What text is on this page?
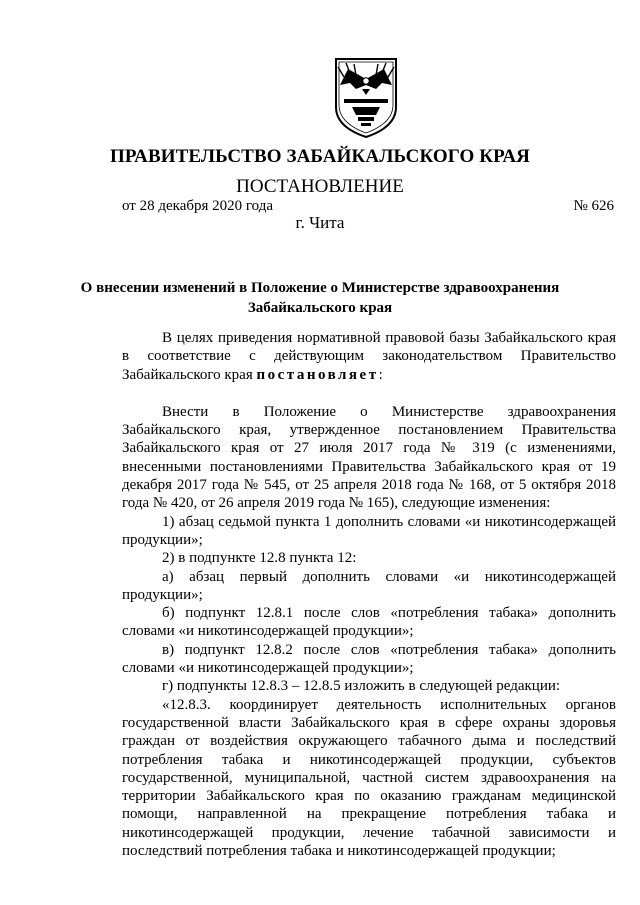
ПРАВИТЕЛЬСТВО ЗАБАЙКАЛЬСКОГО КРАЯ
ПОСТАНОВЛЕНИЕ
от 28 декабря 2020 года	№ 626
г. Чита
О внесении изменений в Положение о Министерстве здравоохранения
Забайкальского края

В целях приведения нормативной правовой базы Забайкальского края в соответствие с действующим законодательством Правительство Забайкальского края постановляет:

Внести в Положение о Министерстве здравоохранения Забайкальского края, утвержденное постановлением Правительства Забайкальского края от 27 июля 2017 года № 319 (с изменениями, внесенными постановлениями Правительства Забайкальского края от 19 декабря 2017 года № 545, от 25 апреля 2018 года № 168, от 5 октября 2018 года № 420, от 26 апреля 2019 года № 165), следующие изменения:

1) абзац седьмой пункта 1 дополнить словами «и никотинсодержащей продукции»;

2) в подпункте 12.8 пункта 12:

а) абзац первый дополнить словами «и никотинсодержащей продукции»;

б) подпункт 12.8.1 после слов «потребления табака» дополнить словами «и никотинсодержащей продукции»;

в) подпункт 12.8.2 после слов «потребления табака» дополнить словами «и никотинсодержащей продукции»;

г) подпункты 12.8.3 – 12.8.5 изложить в следующей редакции:

«12.8.3. координирует деятельность исполнительных органов государственной власти Забайкальского края в сфере охраны здоровья граждан от воздействия окружающего табачного дыма и последствий потребления табака и никотинсодержащей продукции, субъектов государственной, муниципальной, частной систем здравоохранения на территории Забайкальского края по оказанию гражданам медицинской помощи, направленной на прекращение потребления табака и никотинсодержащей продукции, лечение табачной зависимости и последствий потребления табака и никотинсодержащей продукции;
